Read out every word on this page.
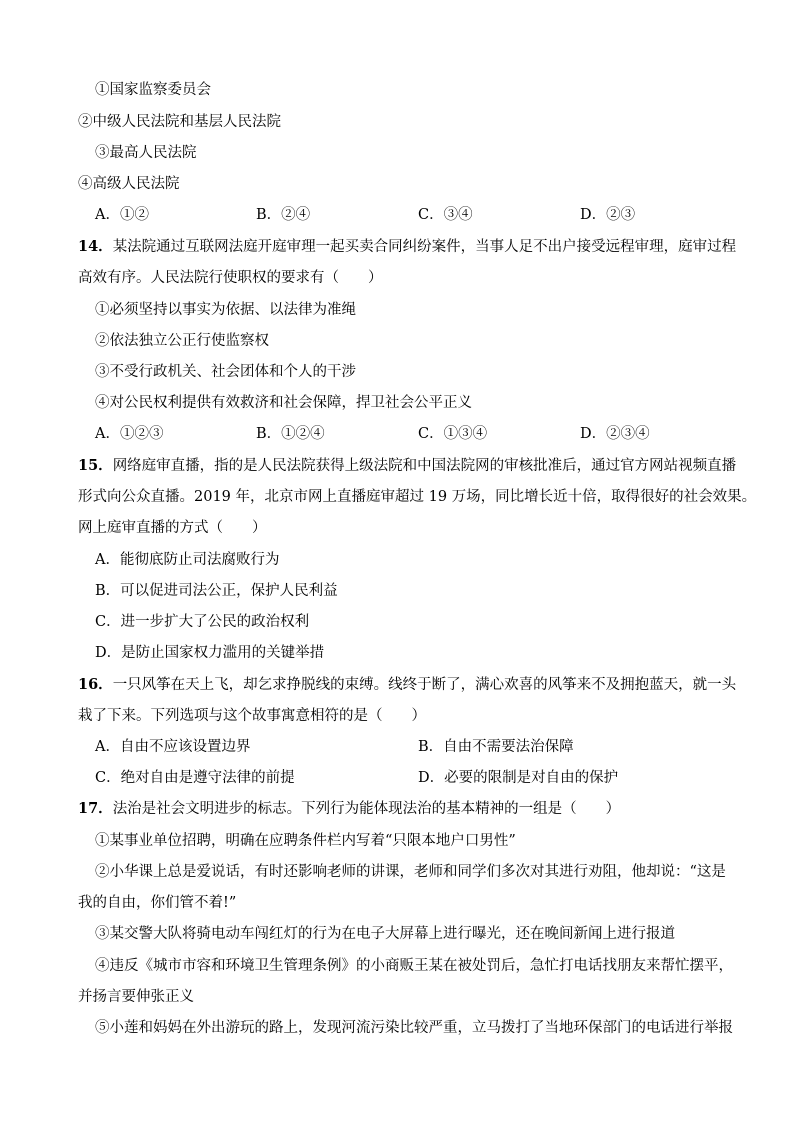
①国家监察委员会
②中级人民法院和基层人民法院
③最高人民法院
④高级人民法院
A．①②	B．②④	C．③④	D．②③
14．某法院通过互联网法庭开庭审理一起买卖合同纠纷案件，当事人足不出户接受远程审理，庭审过程
高效有序。人民法院行使职权的要求有（　　）
①必须坚持以事实为依据、以法律为准绳
②依法独立公正行使监察权
③不受行政机关、社会团体和个人的干涉
④对公民权利提供有效救济和社会保障，捍卫社会公平正义
A．①②③	B．①②④	C．①③④	D．②③④
15．网络庭审直播，指的是人民法院获得上级法院和中国法院网的审核批准后，通过官方网站视频直播
形式向公众直播。2019 年，北京市网上直播庭审超过 19 万场，同比增长近十倍，取得很好的社会效果。
网上庭审直播的方式（　　）
A．能彻底防止司法腐败行为
B．可以促进司法公正，保护人民利益
C．进一步扩大了公民的政治权利
D．是防止国家权力滥用的关键举措
16．一只风筝在天上飞，却乞求挣脱线的束缚。线终于断了，满心欢喜的风筝来不及拥抱蓝天，就一头
栽了下来。下列选项与这个故事寓意相符的是（　　）
A．自由不应该设置边界	B．自由不需要法治保障
C．绝对自由是遵守法律的前提	D．必要的限制是对自由的保护
17．法治是社会文明进步的标志。下列行为能体现法治的基本精神的一组是（　　）
①某事业单位招聘，明确在应聘条件栏内写着“只限本地户口男性”
②小华课上总是爱说话，有时还影响老师的讲课，老师和同学们多次对其进行劝阻，他却说：“这是
我的自由，你们管不着!”
③某交警大队将骑电动车闯红灯的行为在电子大屏幕上进行曝光，还在晚间新闻上进行报道
④违反《城市市容和环境卫生管理条例》的小商贩王某在被处罚后，急忙打电话找朋友来帮忙摆平，
并扬言要伸张正义
⑤小莲和妈妈在外出游玩的路上，发现河流污染比较严重，立马拨打了当地环保部门的电话进行举报
